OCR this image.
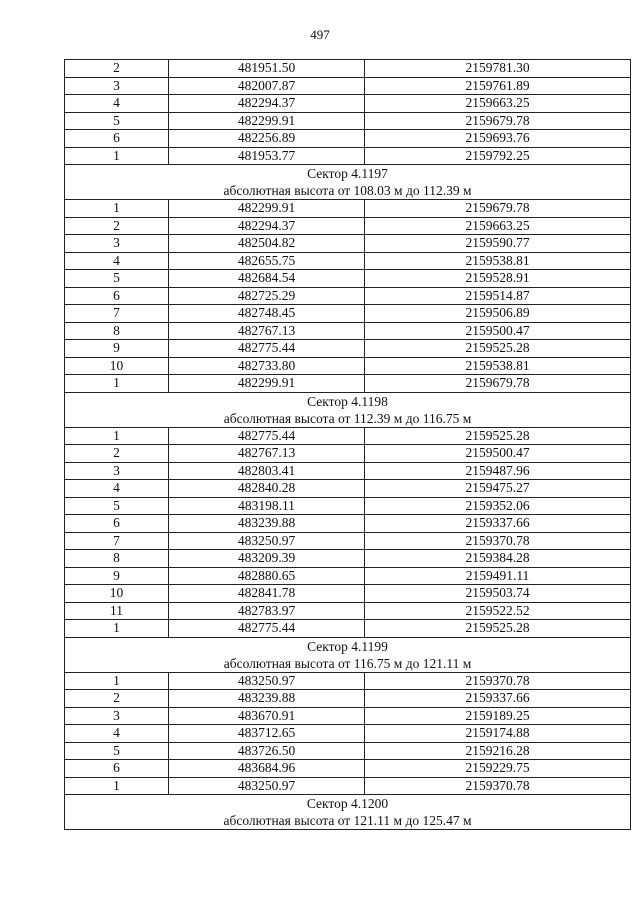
497
2	481951.50	2159781.30
3	482007.87	2159761.89
4	482294.37	2159663.25
5	482299.91	2159679.78
6	482256.89	2159693.76
1	481953.77	2159792.25

Сектор 4.1197
абсолютная высота от 108.03 м до 112.39 м		

1	482299.91	2159679.78
2	482294.37	2159663.25
3	482504.82	2159590.77
4	482655.75	2159538.81
5	482684.54	2159528.91
6	482725.29	2159514.87
7	482748.45	2159506.89
8	482767.13	2159500.47
9	482775.44	2159525.28
10	482733.80	2159538.81
1	482299.91	2159679.78

Сектор 4.1198
абсолютная высота от 112.39 м до 116.75 м		

1	482775.44	2159525.28
2	482767.13	2159500.47
3	482803.41	2159487.96
4	482840.28	2159475.27
5	483198.11	2159352.06
6	483239.88	2159337.66
7	483250.97	2159370.78
8	483209.39	2159384.28
9	482880.65	2159491.11
10	482841.78	2159503.74
11	482783.97	2159522.52
1	482775.44	2159525.28

Сектор 4.1199
абсолютная высота от 116.75 м до 121.11 м		

1	483250.97	2159370.78
2	483239.88	2159337.66
3	483670.91	2159189.25
4	483712.65	2159174.88
5	483726.50	2159216.28
6	483684.96	2159229.75
1	483250.97	2159370.78

Сектор 4.1200
абсолютная высота от 121.11 м до 125.47 м		
